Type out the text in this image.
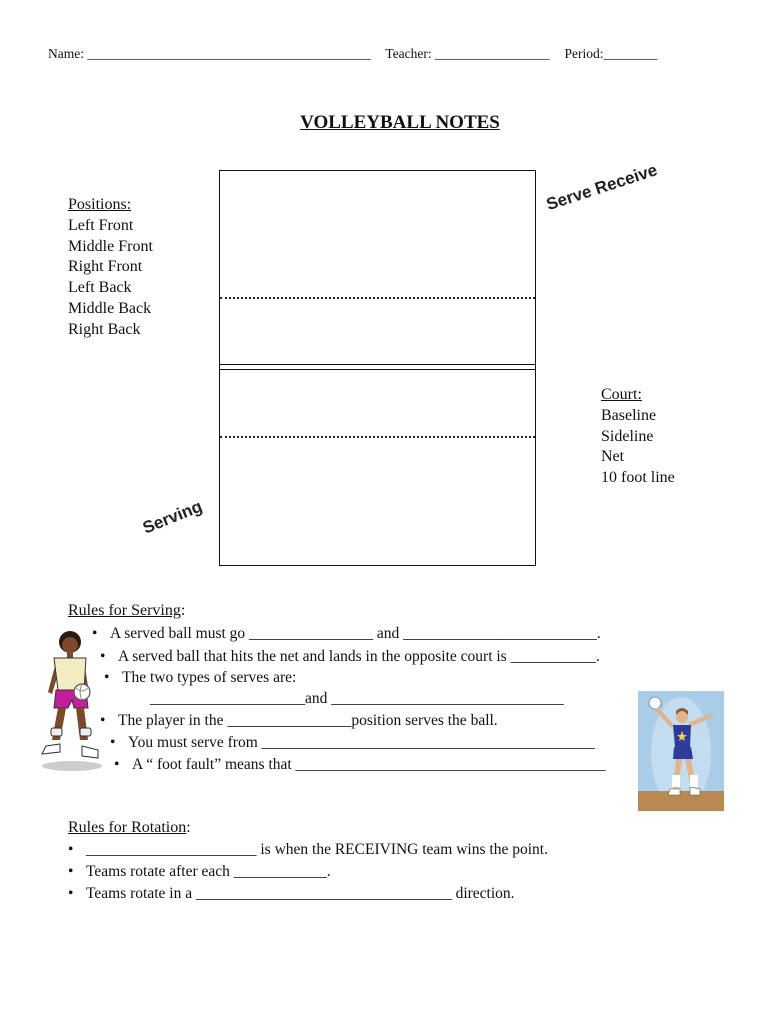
Name: __________________________________________ Teacher: _________________ Period:________
VOLLEYBALL NOTES
Positions:
Left Front
Middle Front
Right Front
Left Back
Middle Back
Right Back
Serve Receive
Court:
Baseline
Sideline
Net
10 foot line
Serving
Rules for Serving:
• A served ball must go ________________ and _________________________.
• A served ball that hits the net and lands in the opposite court is ___________.
• The two types of serves are:
____________________and ______________________________
• The player in the ________________position serves the ball.
• You must serve from ___________________________________________
• A “ foot fault” means that ________________________________________
Rules for Rotation:
• ______________________ is when the RECEIVING team wins the point.
• Teams rotate after each ____________.
• Teams rotate in a _________________________________ direction.
